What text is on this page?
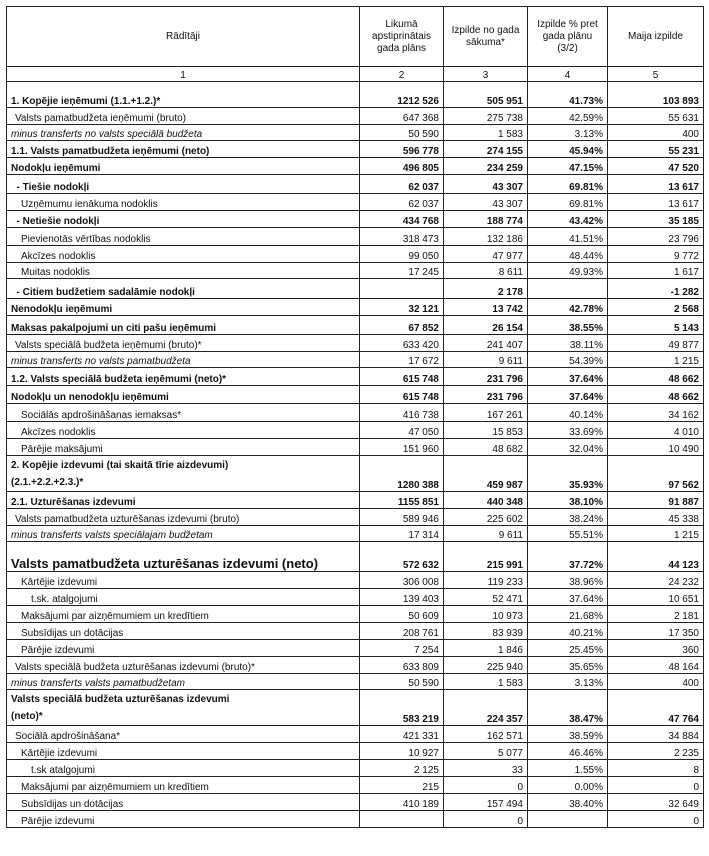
Rādītāji	Likumā apstiprinātais gada plāns	Izpilde no gada sākuma*	Izpilde % pret gada plānu (3/2)	Maija izpilde
1	2	3	4	5
1. Kopējie ieņēmumi (1.1.+1.2.)*	1212 526	505 951	41.73%	103 893
Valsts pamatbudžeta ieņēmumi (bruto)	647 368	275 738	42.59%	55 631
minus transferts no valsts speciālā budžeta	50 590	1 583	3.13%	400
1.1. Valsts pamatbudžeta ieņēmumi (neto)	596 778	274 155	45.94%	55 231
Nodokļu ieņēmumi	496 805	234 259	47.15%	47 520
- Tiešie nodokļi	62 037	43 307	69.81%	13 617
Uzņēmumu ienākuma nodoklis	62 037	43 307	69.81%	13 617
- Netiešie nodokļi	434 768	188 774	43.42%	35 185
Pievienotās vērtības nodoklis	318 473	132 186	41.51%	23 796
Akcīzes nodoklis	99 050	47 977	48.44%	9 772
Muitas nodoklis	17 245	8 611	49.93%	1 617
- Citiem budžetiem sadalāmie nodokļi		2 178		-1 282
Nenodokļu ieņēmumi	32 121	13 742	42.78%	2 568
Maksas pakalpojumi un citi pašu ieņēmumi	67 852	26 154	38.55%	5 143
Valsts speciālā budžeta ieņēmumi (bruto)*	633 420	241 407	38.11%	49 877
minus transferts no valsts pamatbudžeta	17 672	9 611	54.39%	1 215
1.2. Valsts speciālā budžeta ieņēmumi (neto)*	615 748	231 796	37.64%	48 662
Nodokļu un nenodokļu ieņēmumi	615 748	231 796	37.64%	48 662
Sociālās apdrošināšanas iemaksas*	416 738	167 261	40.14%	34 162
Akcīzes nodoklis	47 050	15 853	33.69%	4 010
Pārējie maksājumi	151 960	48 682	32.04%	10 490

2. Kopējie izdevumi (tai skaitā tīrie aizdevumi)
(2.1.+2.2.+2.3.)*	1280 388	459 987	35.93%	97 562
2.1. Uzturēšanas izdevumi	1155 851	440 348	38.10%	91 887
Valsts pamatbudžeta uzturēšanas izdevumi (bruto)	589 946	225 602	38.24%	45 338
minus transferts valsts speciālajam budžetam	17 314	9 611	55.51%	1 215
Valsts pamatbudžeta uzturēšanas izdevumi (neto)	572 632	215 991	37.72%	44 123
Kārtējie izdevumi	306 008	119 233	38.96%	24 232
t.sk. atalgojumi	139 403	52 471	37.64%	10 651
Maksājumi par aizņēmumiem un kredītiem	50 609	10 973	21.68%	2 181
Subsīdijas un dotācijas	208 761	83 939	40.21%	17 350
Pārējie izdevumi	7 254	1 846	25.45%	360
Valsts speciālā budžeta uzturēšanas izdevumi (bruto)*	633 809	225 940	35.65%	48 164
minus transferts valsts pamatbudžetam	50 590	1 583	3.13%	400

Valsts speciālā budžeta uzturēšanas izdevumi
(neto)*	583 219	224 357	38.47%	47 764
Sociālā apdrošināšana*	421 331	162 571	38.59%	34 884
Kārtējie izdevumi	10 927	5 077	46.46%	2 235
t.sk atalgojumi	2 125	33	1.55%	8
Maksājumi par aizņēmumiem un kredītiem	215	0	0.00%	0
Subsīdijas un dotācijas	410 189	157 494	38.40%	32 649
Pārējie izdevumi		0		0
